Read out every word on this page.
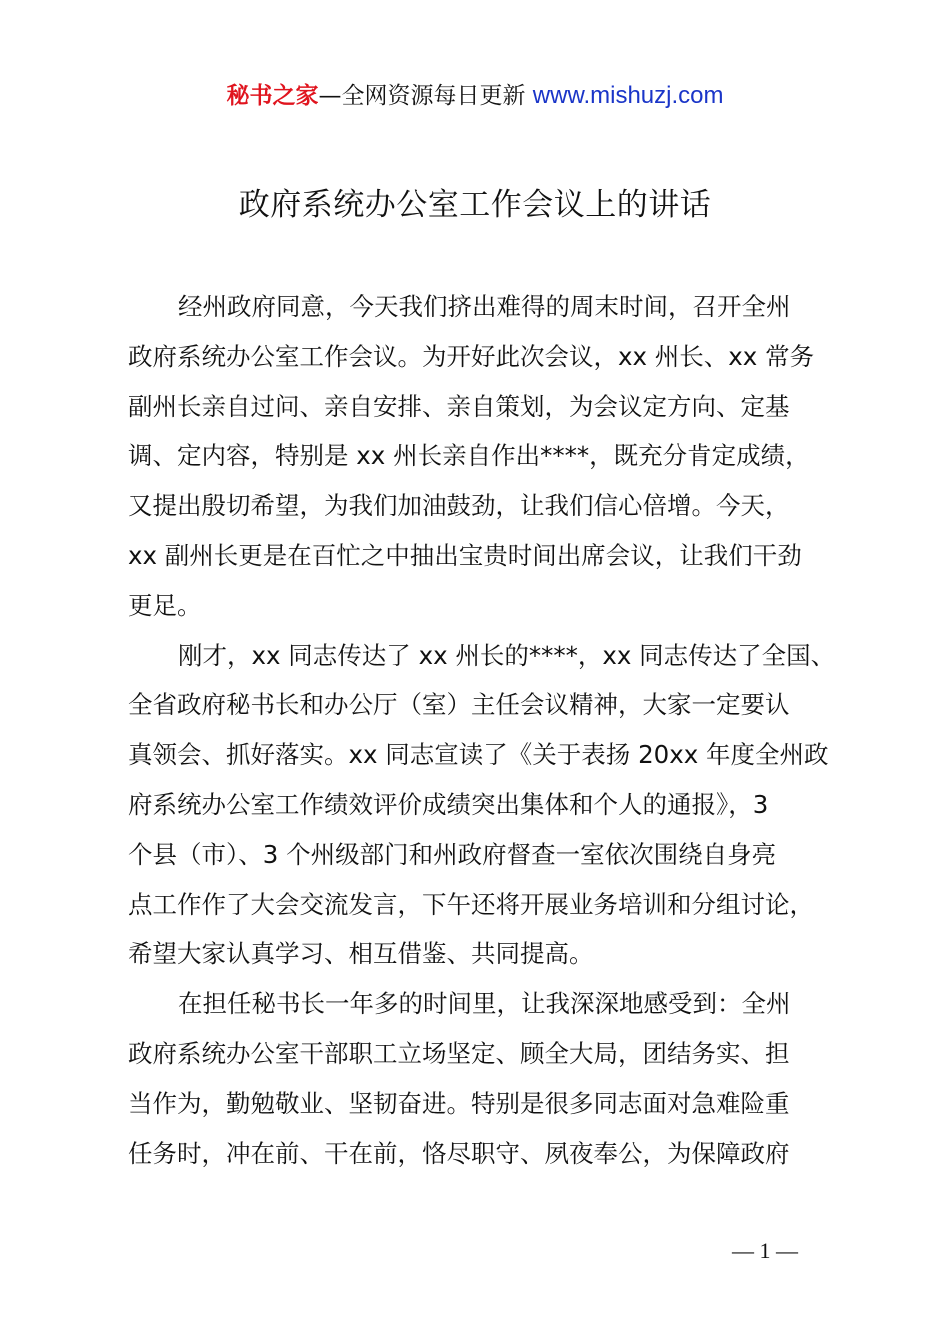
秘书之家—全网资源每日更新 www.mishuzj.com
政府系统办公室工作会议上的讲话
经州政府同意，今天我们挤出难得的周末时间，召开全州
政府系统办公室工作会议。为开好此次会议，xx 州长、xx 常务
副州长亲自过问、亲自安排、亲自策划，为会议定方向、定基
调、定内容，特别是 xx 州长亲自作出****，既充分肯定成绩，
又提出殷切希望，为我们加油鼓劲，让我们信心倍增。今天，
xx 副州长更是在百忙之中抽出宝贵时间出席会议，让我们干劲
更足。
刚才，xx 同志传达了 xx 州长的****，xx 同志传达了全国、
全省政府秘书长和办公厅（室）主任会议精神，大家一定要认
真领会、抓好落实。xx 同志宣读了《关于表扬 20xx 年度全州政
府系统办公室工作绩效评价成绩突出集体和个人的通报》，3
个县（市）、3 个州级部门和州政府督查一室依次围绕自身亮
点工作作了大会交流发言，下午还将开展业务培训和分组讨论，
希望大家认真学习、相互借鉴、共同提高。
在担任秘书长一年多的时间里，让我深深地感受到：全州
政府系统办公室干部职工立场坚定、顾全大局，团结务实、担
当作为，勤勉敬业、坚韧奋进。特别是很多同志面对急难险重
任务时，冲在前、干在前，恪尽职守、夙夜奉公，为保障政府
— 1 —
